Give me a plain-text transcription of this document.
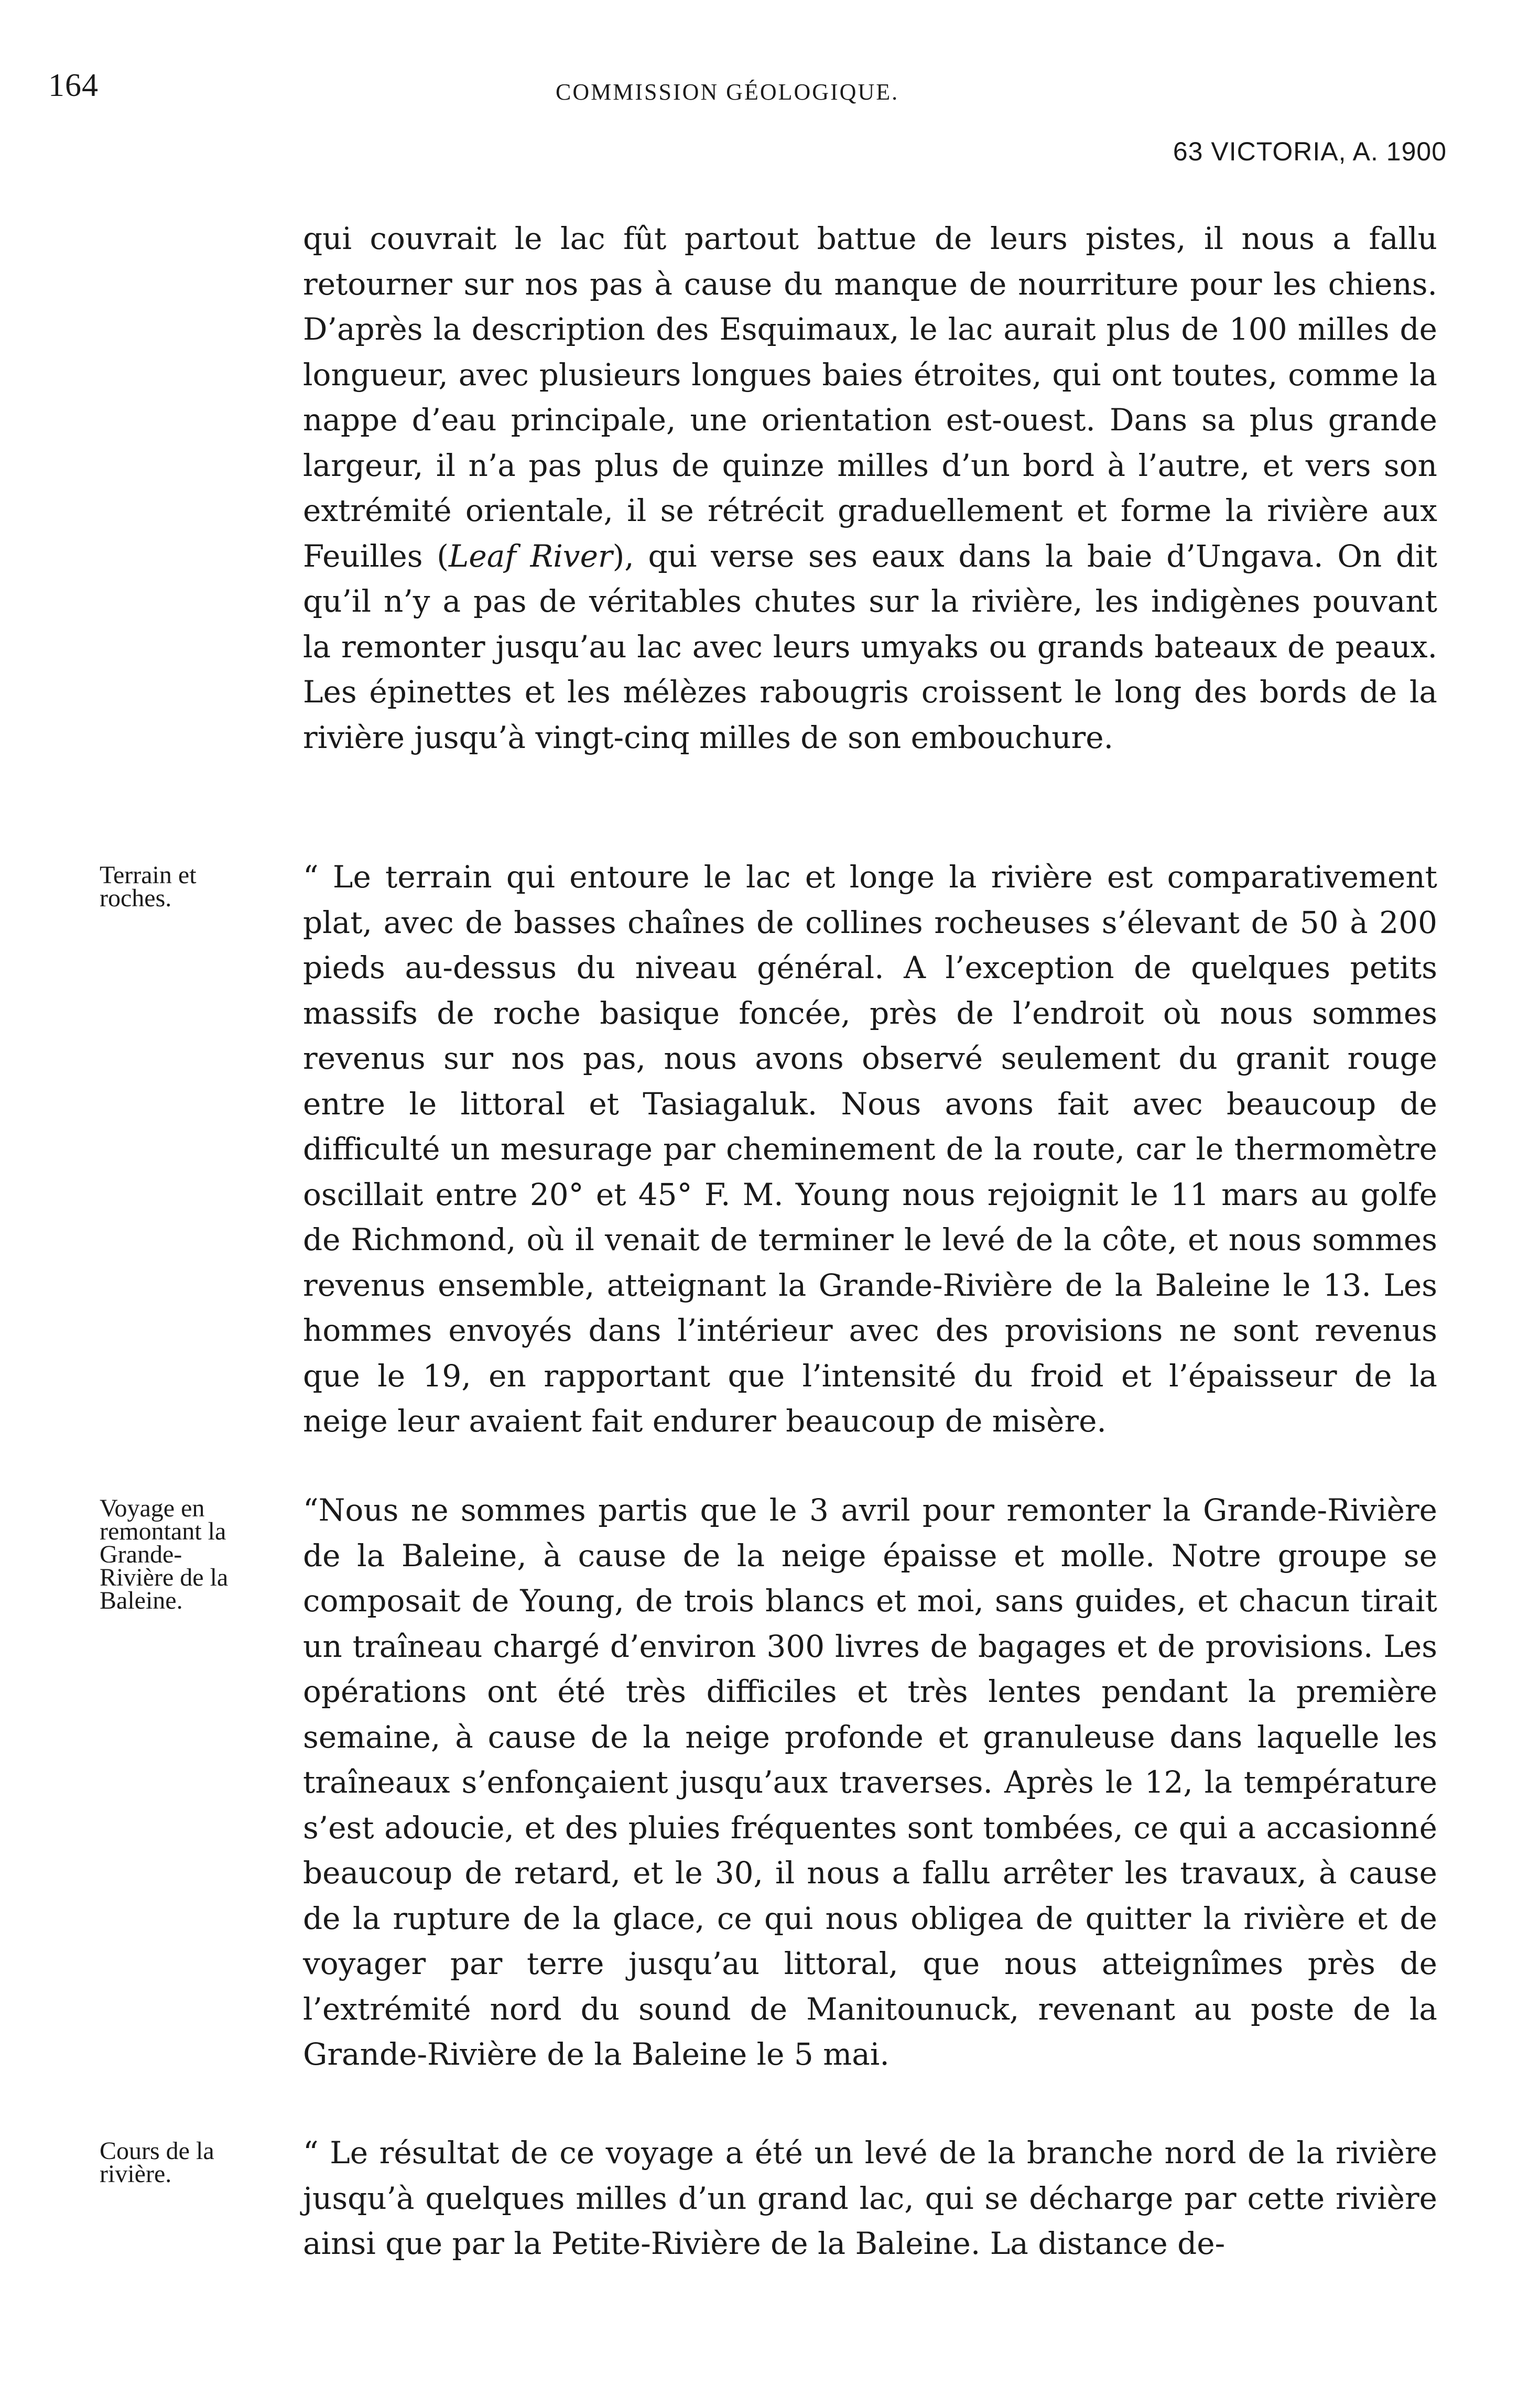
164	COMMISSION GÉOLOGIQUE.
63 VICTORIA, A. 1900

qui couvrait le lac fût partout battue de leurs pistes, il nous a fallu retourner sur nos pas à cause du manque de nourriture pour les chiens. D’après la description des Esquimaux, le lac aurait plus de 100 milles de longueur, avec plusieurs longues baies étroites, qui ont toutes, comme la nappe d’eau principale, une orientation est-ouest. Dans sa plus grande largeur, il n’a pas plus de quinze milles d’un bord à l’autre, et vers son extrémité orientale, il se rétrécit graduellement et forme la rivière aux Feuilles (Leaf River), qui verse ses eaux dans la baie d’Ungava. On dit qu’il n’y a pas de véritables chutes sur la rivière, les indigènes pouvant la remonter jusqu’au lac avec leurs umyaks ou grands bateaux de peaux. Les épinettes et les mélèzes rabougris croissent le long des bords de la rivière jusqu’à vingt-cinq milles de son embouchure.

Terrain et
roches.

“ Le terrain qui entoure le lac et longe la rivière est comparativement plat, avec de basses chaînes de collines rocheuses s’élevant de 50 à 200 pieds au-dessus du niveau général. A l’exception de quelques petits massifs de roche basique foncée, près de l’endroit où nous sommes revenus sur nos pas, nous avons observé seulement du granit rouge entre le littoral et Tasiagaluk. Nous avons fait avec beaucoup de difficulté un mesurage par cheminement de la route, car le thermomètre oscillait entre 20° et 45° F. M. Young nous rejoignit le 11 mars au golfe de Richmond, où il venait de terminer le levé de la côte, et nous sommes revenus ensemble, atteignant la Grande-Rivière de la Baleine le 13. Les hommes envoyés dans l’intérieur avec des provisions ne sont revenus que le 19, en rapportant que l’intensité du froid et l’épaisseur de la neige leur avaient fait endurer beaucoup de misère.

Voyage en
remontant la
Grande-
Rivière de la
Baleine.

“Nous ne sommes partis que le 3 avril pour remonter la Grande-Rivière de la Baleine, à cause de la neige épaisse et molle. Notre groupe se composait de Young, de trois blancs et moi, sans guides, et chacun tirait un traîneau chargé d’environ 300 livres de bagages et de provisions. Les opérations ont été très difficiles et très lentes pendant la première semaine, à cause de la neige profonde et granuleuse dans laquelle les traîneaux s’enfonçaient jusqu’aux traverses. Après le 12, la température s’est adoucie, et des pluies fréquentes sont tombées, ce qui a accasionné beaucoup de retard, et le 30, il nous a fallu arrêter les travaux, à cause de la rupture de la glace, ce qui nous obligea de quitter la rivière et de voyager par terre jusqu’au littoral, que nous atteignîmes près de l’extrémité nord du sound de Manitounuck, revenant au poste de la Grande-Rivière de la Baleine le 5 mai.

Cours de la
rivière.

“ Le résultat de ce voyage a été un levé de la branche nord de la rivière jusqu’à quelques milles d’un grand lac, qui se décharge par cette rivière ainsi que par la Petite-Rivière de la Baleine. La distance de-
